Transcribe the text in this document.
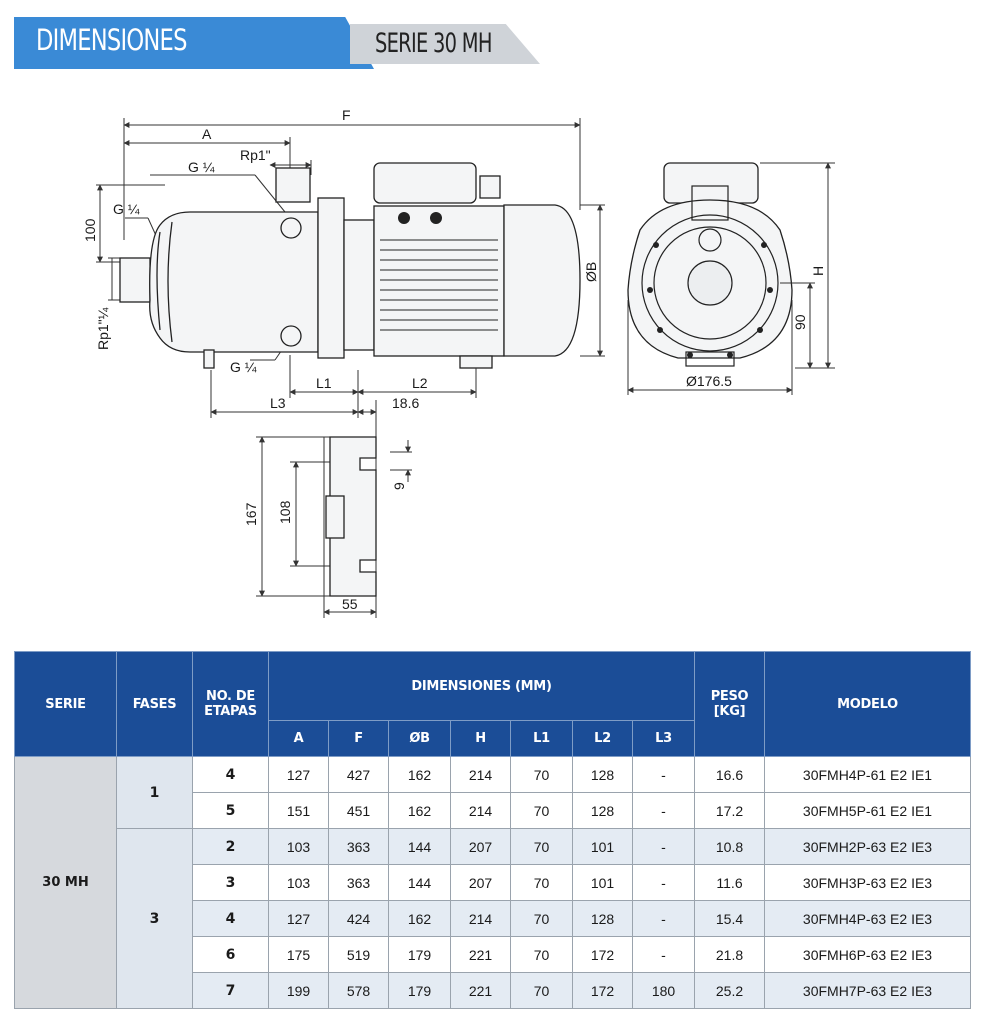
DIMENSIONES	SERIE 30 MH
F
A
G ¼
Rp1"
G ¼
100
Rp1"¼
G ¼
ØB
L1	L2
L3	18.6
H
90
Ø176.5
9
167 108
55
SERIE	FASES	NO. DE ETAPAS	DIMENSIONES (MM)							PESO [KG]	MODELO
			A	F	ØB	H	L1	L2	L3		
30 MH	1	4	127	427	162	214	70	128	-	16.6	30FMH4P-61 E2 IE1
		5	151	451	162	214	70	128	-	17.2	30FMH5P-61 E2 IE1
	3	2	103	363	144	207	70	101	-	10.8	30FMH2P-63 E2 IE3
		3	103	363	144	207	70	101	-	11.6	30FMH3P-63 E2 IE3
		4	127	424	162	214	70	128	-	15.4	30FMH4P-63 E2 IE3
		6	175	519	179	221	70	172	-	21.8	30FMH6P-63 E2 IE3
		7	199	578	179	221	70	172	180	25.2	30FMH7P-63 E2 IE3
